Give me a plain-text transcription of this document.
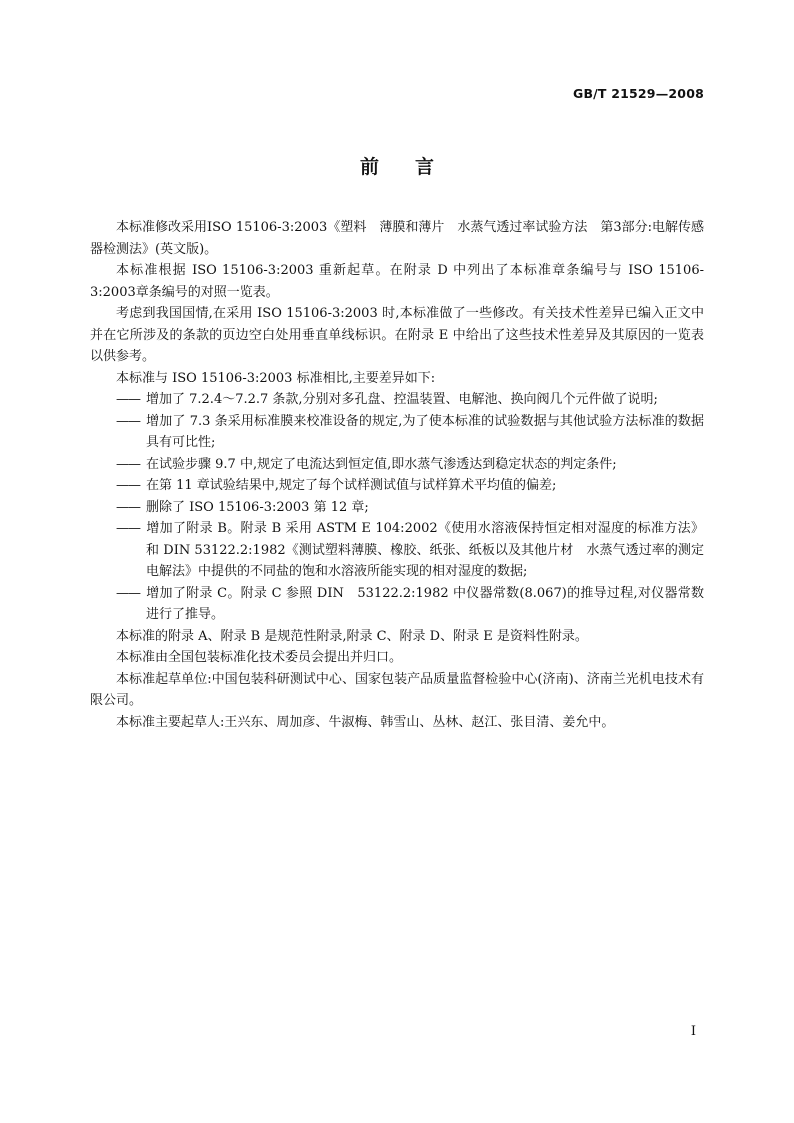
GB/T 21529—2008

前言

本标准修改采用ISO 15106-3:2003《塑料　薄膜和薄片　水蒸气透过率试验方法　第3部分:电解传感器检测法》(英文版)。

本标准根据 ISO 15106-3:2003 重新起草。在附录 D 中列出了本标准章条编号与 ISO 15106-3:2003章条编号的对照一览表。

考虑到我国国情,在采用 ISO 15106-3:2003 时,本标准做了一些修改。有关技术性差异已编入正文中并在它所涉及的条款的页边空白处用垂直单线标识。在附录 E 中给出了这些技术性差异及其原因的一览表以供参考。

本标准与 ISO 15106-3:2003 标准相比,主要差异如下:

—— 增加了 7.2.4～7.2.7 条款,分别对多孔盘、控温装置、电解池、换向阀几个元件做了说明;

—— 增加了 7.3 条采用标准膜来校准设备的规定,为了使本标准的试验数据与其他试验方法标准的数据具有可比性;

—— 在试验步骤 9.7 中,规定了电流达到恒定值,即水蒸气渗透达到稳定状态的判定条件;

—— 在第 11 章试验结果中,规定了每个试样测试值与试样算术平均值的偏差;

—— 删除了 ISO 15106-3:2003 第 12 章;

—— 增加了附录 B。附录 B 采用 ASTM E 104:2002《使用水溶液保持恒定相对湿度的标准方法》和 DIN 53122.2:1982《测试塑料薄膜、橡胶、纸张、纸板以及其他片材　水蒸气透过率的测定　电解法》中提供的不同盐的饱和水溶液所能实现的相对湿度的数据;

—— 增加了附录 C。附录 C 参照 DIN　53122.2:1982 中仪器常数(8.067)的推导过程,对仪器常数进行了推导。

本标准的附录 A、附录 B 是规范性附录,附录 C、附录 D、附录 E 是资料性附录。

本标准由全国包装标准化技术委员会提出并归口。

本标准起草单位:中国包装科研测试中心、国家包装产品质量监督检验中心(济南)、济南兰光机电技术有限公司。

本标准主要起草人:王兴东、周加彦、牛淑梅、韩雪山、丛林、赵江、张目清、姜允中。

I
